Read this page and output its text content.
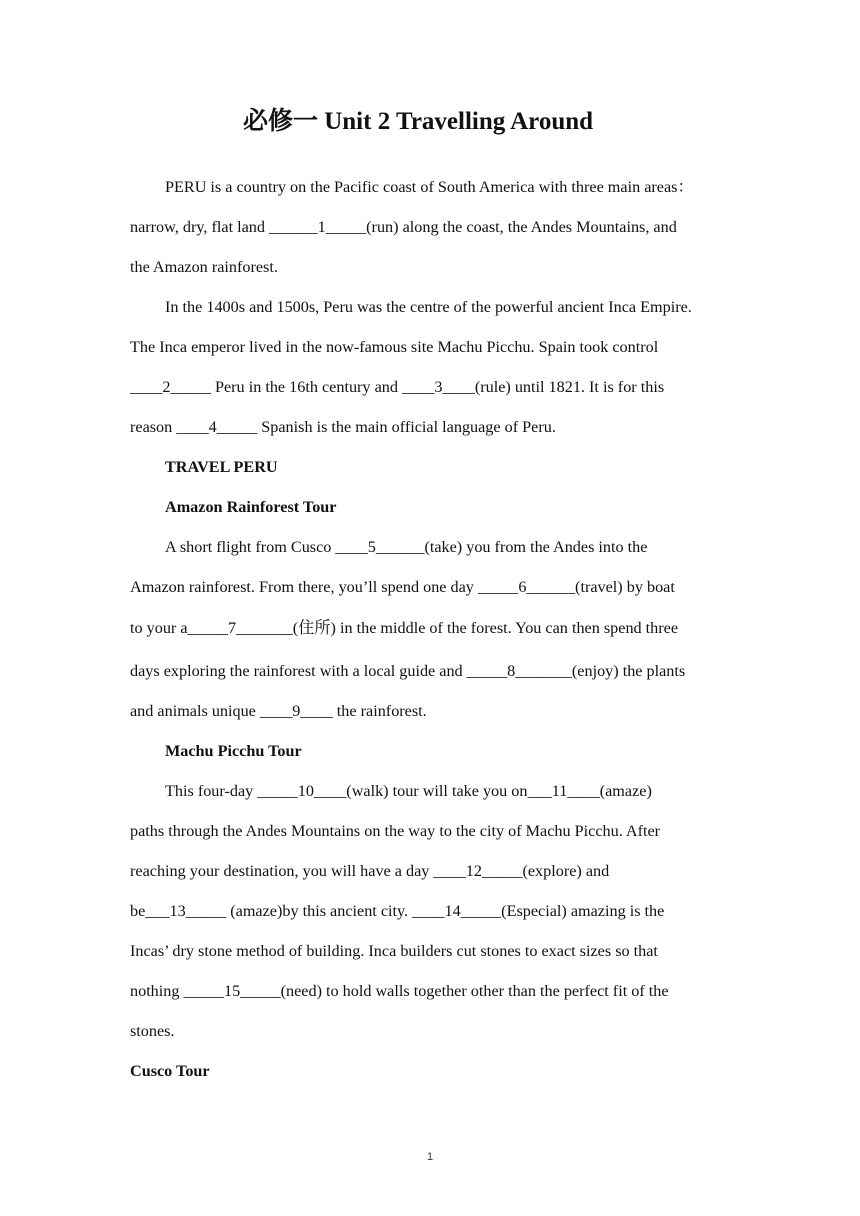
必修一 Unit 2 Travelling Around
PERU is a country on the Pacific coast of South America with three main areas：
narrow, dry, flat land ______1_____(run) along the coast, the Andes Mountains, and
the Amazon rainforest.
In the 1400s and 1500s, Peru was the centre of the powerful ancient Inca Empire.
The Inca emperor lived in the now-famous site Machu Picchu. Spain took control
____2_____ Peru in the 16th century and ____3____(rule) until 1821. It is for this
reason ____4_____ Spanish is the main official language of Peru.
TRAVEL PERU
Amazon Rainforest Tour
A short flight from Cusco ____5______(take) you from the Andes into the
Amazon rainforest. From there, you’ll spend one day _____6______(travel) by boat
to your a_____7_______(住所) in the middle of the forest. You can then spend three
days exploring the rainforest with a local guide and _____8_______(enjoy) the plants
and animals unique ____9____ the rainforest.
Machu Picchu Tour
This four-day _____10____(walk) tour will take you on___11____(amaze)
paths through the Andes Mountains on the way to the city of Machu Picchu. After
reaching your destination, you will have a day ____12_____(explore) and
be___13_____ (amaze)by this ancient city. ____14_____(Especial) amazing is the
Incas’ dry stone method of building. Inca builders cut stones to exact sizes so that
nothing _____15_____(need) to hold walls together other than the perfect fit of the
stones.
Cusco Tour
1
